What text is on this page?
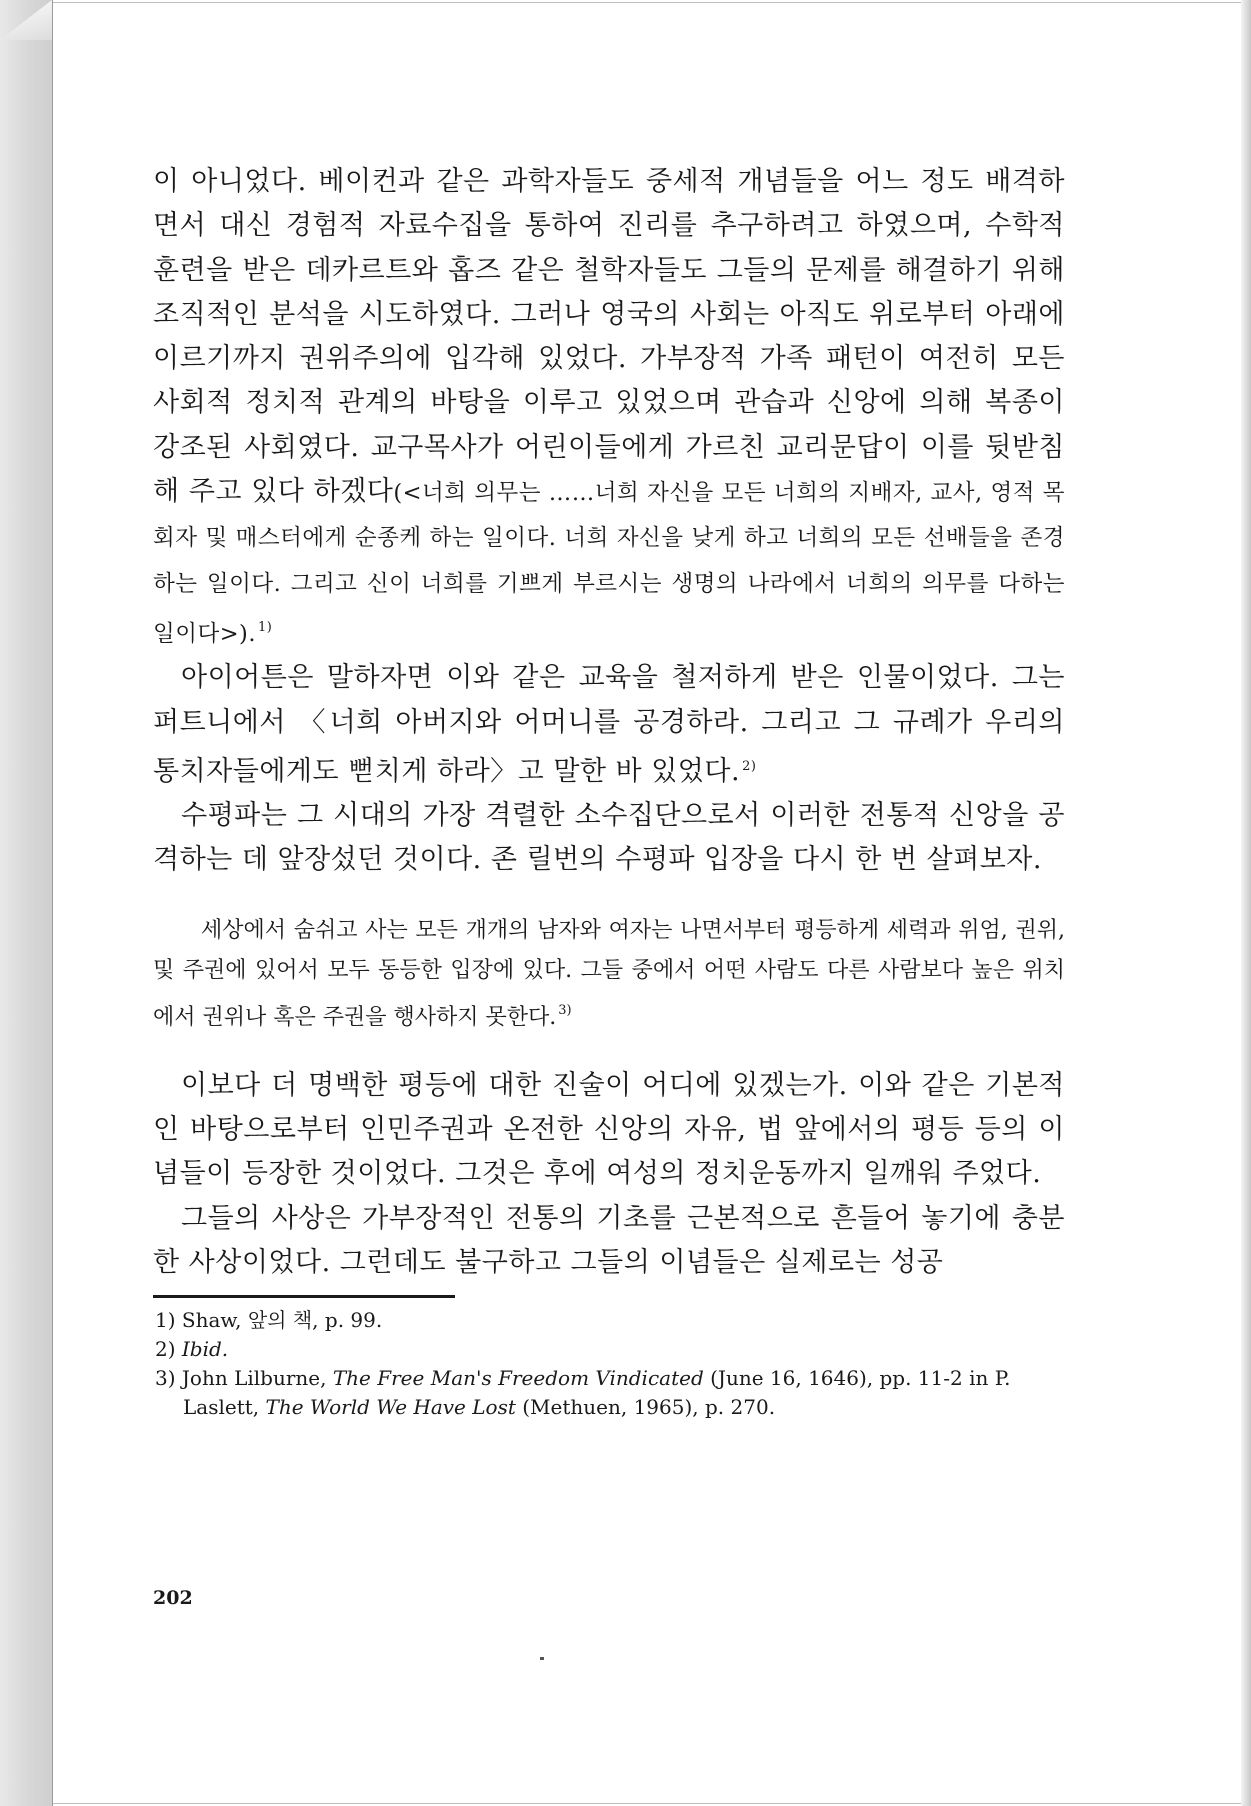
이 아니었다. 베이컨과 같은 과학자들도 중세적 개념들을 어느 정도 배격하면서 대신 경험적 자료수집을 통하여 진리를 추구하려고 하였으며, 수학적 훈련을 받은 데카르트와 홉즈 같은 철학자들도 그들의 문제를 해결하기 위해 조직적인 분석을 시도하였다. 그러나 영국의 사회는 아직도 위로부터 아래에 이르기까지 권위주의에 입각해 있었다. 가부장적 가족 패턴이 여전히 모든 사회적 정치적 관계의 바탕을 이루고 있었으며 관습과 신앙에 의해 복종이 강조된 사회였다. 교구목사가 어린이들에게 가르친 교리문답이 이를 뒷받침해 주고 있다 하겠다(<너희 의무는 ……너희 자신을 모든 너희의 지배자, 교사, 영적 목회자 및 매스터에게 순종케 하는 일이다. 너희 자신을 낮게 하고 너희의 모든 선배들을 존경하는 일이다. 그리고 신이 너희를 기쁘게 부르시는 생명의 나라에서 너희의 의무를 다하는 일이다>). $^{1)}$

아이어튼은 말하자면 이와 같은 교육을 철저하게 받은 인물이었다. 그는 퍼트니에서 〈너희 아버지와 어머니를 공경하라. 그리고 그 규례가 우리의 통치자들에게도 뻗치게 하라〉고 말한 바 있었다. $^{2)}$

수평파는 그 시대의 가장 격렬한 소수집단으로서 이러한 전통적 신앙을 공격하는 데 앞장섰던 것이다. 존 릴번의 수평파 입장을 다시 한 번 살펴보자.

세상에서 숨쉬고 사는 모든 개개의 남자와 여자는 나면서부터 평등하게 세력과 위엄, 권위, 및 주권에 있어서 모두 동등한 입장에 있다. 그들 중에서 어떤 사람도 다른 사람보다 높은 위치에서 권위나 혹은 주권을 행사하지 못한다. $^{3)}$

이보다 더 명백한 평등에 대한 진술이 어디에 있겠는가. 이와 같은 기본적인 바탕으로부터 인민주권과 온전한 신앙의 자유, 법 앞에서의 평등 등의 이념들이 등장한 것이었다. 그것은 후에 여성의 정치운동까지 일깨워 주었다.

그들의 사상은 가부장적인 전통의 기초를 근본적으로 흔들어 놓기에 충분한 사상이었다. 그런데도 불구하고 그들의 이념들은 실제로는 성공

1) Shaw, 앞의 책, p. 99.

2) Ibid.

3) John Lilburne, The Free Man's Freedom Vindicated (June 16, 1646), pp. 11-2 in P. Laslett, The World We Have Lost (Methuen, 1965), p. 270.

202
